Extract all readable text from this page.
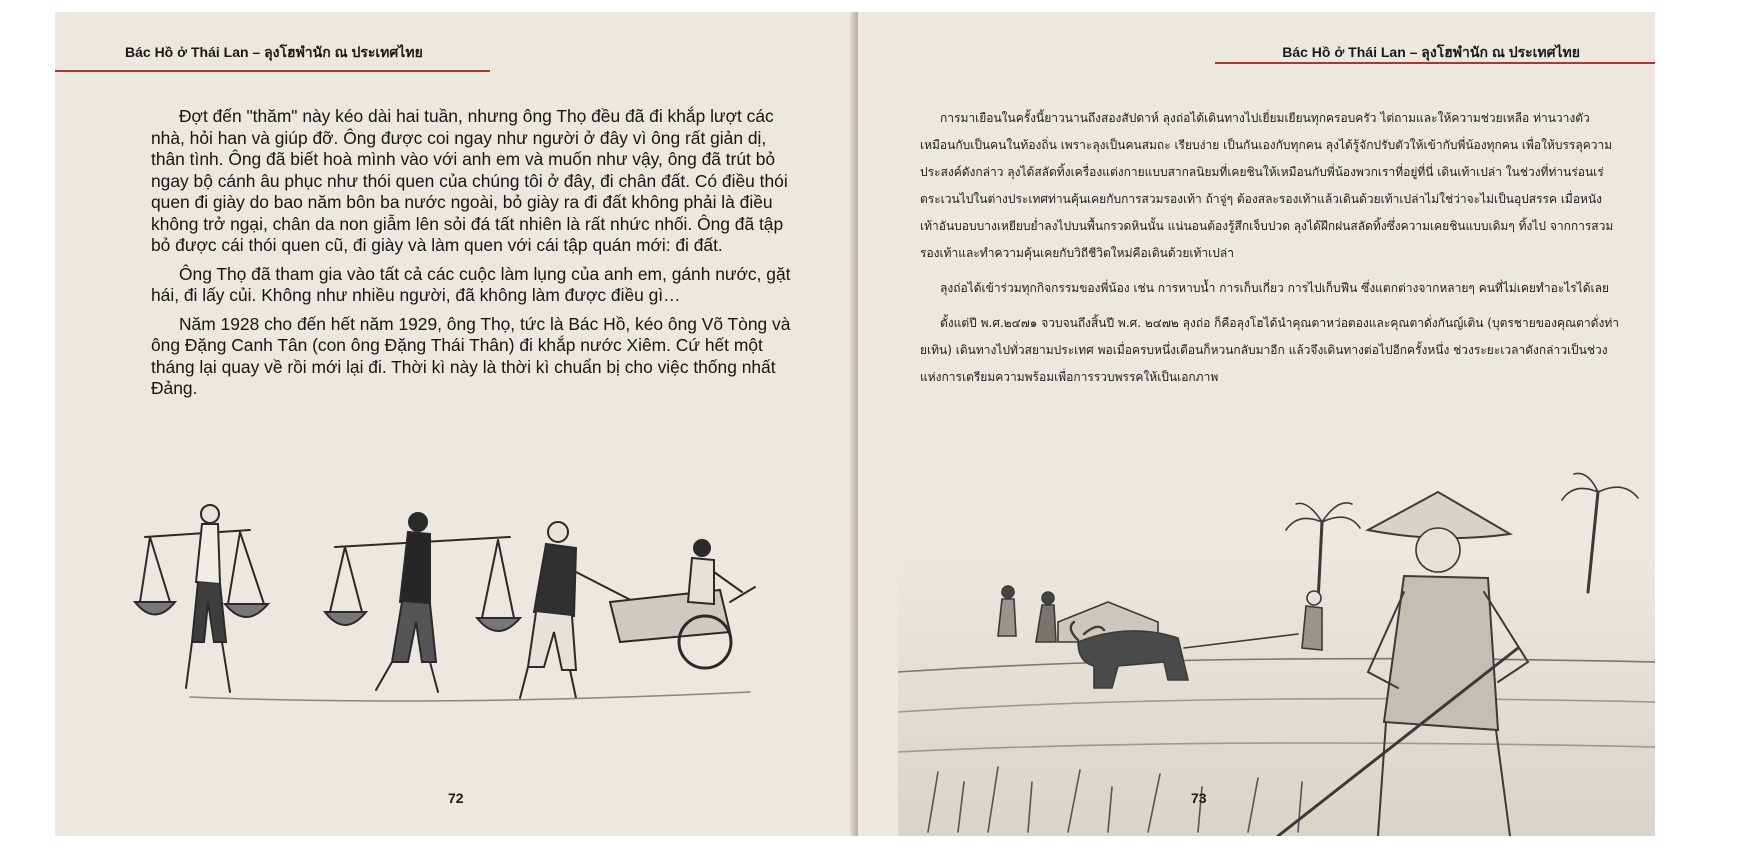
Bác Hồ ở Thái Lan – ลุงโฮพำนัก ณ ประเทศไทย

Đợt đến "thăm" này kéo dài hai tuần, nhưng ông Thọ đều đã đi khắp lượt các nhà, hỏi han và giúp đỡ. Ông được coi ngay như người ở đây vì ông rất giản dị, thân tình. Ông đã biết hoà mình vào với anh em và muốn như vậy, ông đã trút bỏ ngay bộ cánh âu phục như thói quen của chúng tôi ở đây, đi chân đất. Có điều thói quen đi giày do bao năm bôn ba nước ngoài, bỏ giày ra đi đất không phải là điều không trở ngại, chân da non giẫm lên sỏi đá tất nhiên là rất nhức nhối. Ông đã tập bỏ được cái thói quen cũ, đi giày và làm quen với cái tập quán mới: đi đất.

Ông Thọ đã tham gia vào tất cả các cuộc làm lụng của anh em, gánh nước, gặt hái, đi lấy củi. Không như nhiều người, đã không làm được điều gì…

Năm 1928 cho đến hết năm 1929, ông Thọ, tức là Bác Hồ, kéo ông Võ Tòng và ông Đặng Canh Tân (con ông Đặng Thái Thân) đi khắp nước Xiêm. Cứ hết một tháng lại quay về rồi mới lại đi. Thời kì này là thời kì chuẩn bị cho việc thống nhất Đảng.

72
Bác Hồ ở Thái Lan – ลุงโฮพำนัก ณ ประเทศไทย

การมาเยือนในครั้งนี้ยาวนานถึงสองสัปดาห์ ลุงถ่อได้เดินทางไปเยี่ยมเยียนทุกครอบครัว ไต่ถามและให้ความช่วยเหลือ ท่านวางตัวเหมือนกับเป็นคนในท้องถิ่น เพราะลุงเป็นคนสมถะ เรียบง่าย เป็นกันเองกับทุกคน ลุงได้รู้จักปรับตัวให้เข้ากับพี่น้องทุกคน เพื่อให้บรรลุความประสงค์ดังกล่าว ลุงได้สลัดทิ้งเครื่องแต่งกายแบบสากลนิยมที่เคยชินให้เหมือนกับพี่น้องพวกเราที่อยู่ที่นี่ เดินเท้าเปล่า ในช่วงที่ท่านร่อนเร่ตระเวนไปในต่างประเทศท่านคุ้นเคยกับการสวมรองเท้า ถ้าจู่ๆ ต้องสละรองเท้าแล้วเดินด้วยเท้าเปล่าไม่ใช่ว่าจะไม่เป็นอุปสรรค เมื่อหนังเท้าอันบอบบางเหยียบย่ำลงไปบนพื้นกรวดหินนั้น แน่นอนต้องรู้สึกเจ็บปวด ลุงได้ฝึกฝนสลัดทิ้งซึ่งความเคยชินแบบเดิมๆ ทิ้งไป จากการสวมรองเท้าและทำความคุ้นเคยกับวิถีชีวิตใหม่คือเดินด้วยเท้าเปล่า

ลุงถ่อได้เข้าร่วมทุกกิจกรรมของพี่น้อง เช่น การหาบน้ำ การเก็บเกี่ยว การไปเก็บฟืน ซึ่งแตกต่างจากหลายๆ คนที่ไม่เคยทำอะไรได้เลย

ตั้งแต่ปี พ.ศ.๒๔๗๑ จวบจนถึงสิ้นปี พ.ศ. ๒๔๗๒ ลุงถ่อ ก็คือลุงโฮได้นำคุณตาหว่อตองและคุณตาดั่งกันญ์เติน (บุตรชายของคุณตาดั่งท่ายเทิน) เดินทางไปทั่วสยามประเทศ พอเมื่อครบหนึ่งเดือนก็หวนกลับมาอีก แล้วจึงเดินทางต่อไปอีกครั้งหนึ่ง ช่วงระยะเวลาดังกล่าวเป็นช่วงแห่งการเตรียมความพร้อมเพื่อการรวบพรรคให้เป็นเอกภาพ

73
